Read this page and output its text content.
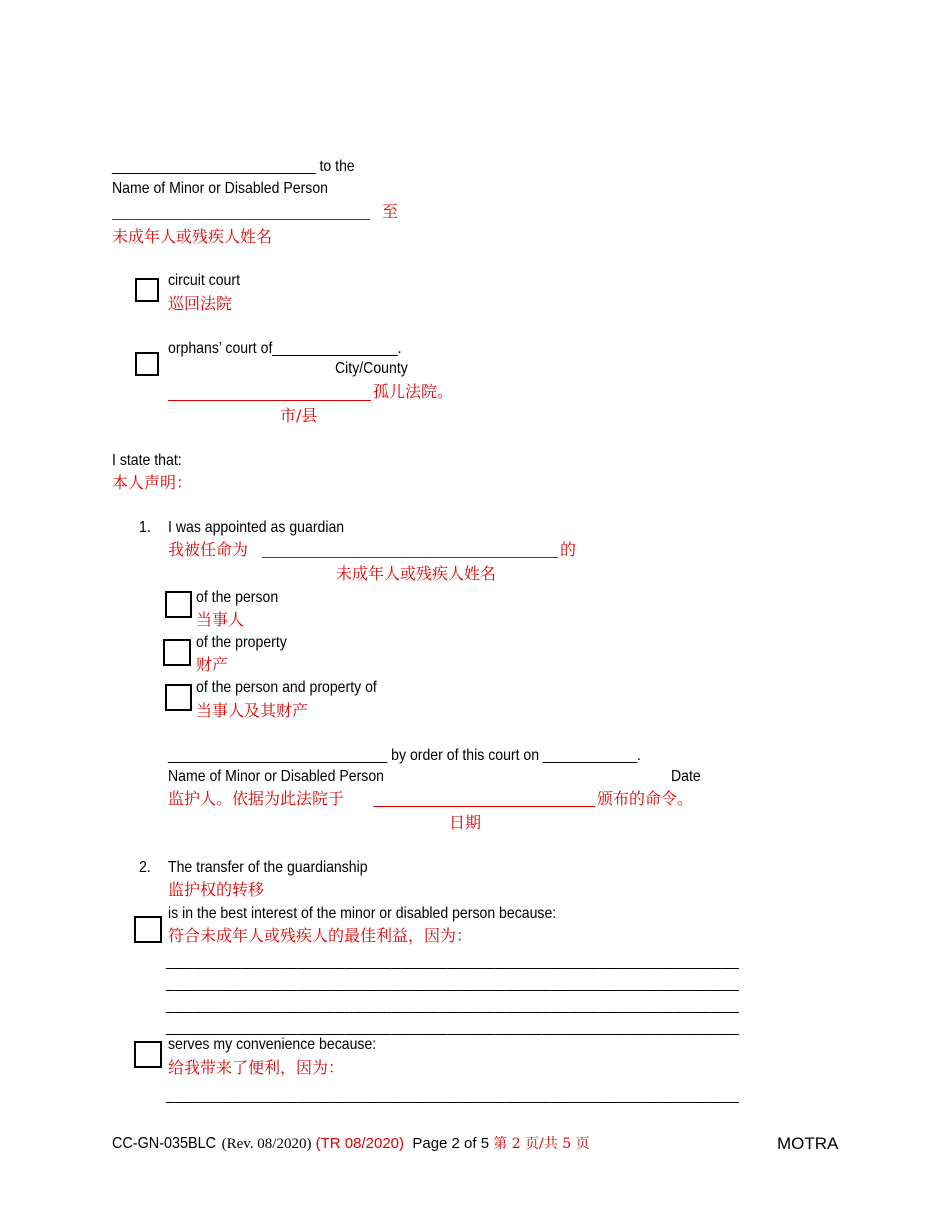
__________________________ to the
Name of Minor or Disabled Person
至
未成年人或残疾人姓名
circuit court
巡回法院
orphans’ court of________________.
City/County
孤儿法院。
市/县
I state that:
本人声明：
1. I was appointed as guardian
我被任命为	的
未成年人或残疾人姓名
of the person
当事人
of the property
财产
of the person and property of
当事人及其财产
____________________________ by order of this court on ____________.
Name of Minor or Disabled Person	Date
监护人。依据为此法院于	颁布的命令。
日期
2. The transfer of the guardianship
监护权的转移
is in the best interest of the minor or disabled person because:
符合未成年人或残疾人的最佳利益，因为：
_____________________________________________________________
_____________________________________________________________
_____________________________________________________________
_____________________________________________________________
serves my convenience because:
给我带来了便利，因为：
_____________________________________________________________
CC-GN-035BLC (Rev. 08/2020) (TR 08/2020) Page 2 of 5 第 2 页/共 5 页	MOTRA
